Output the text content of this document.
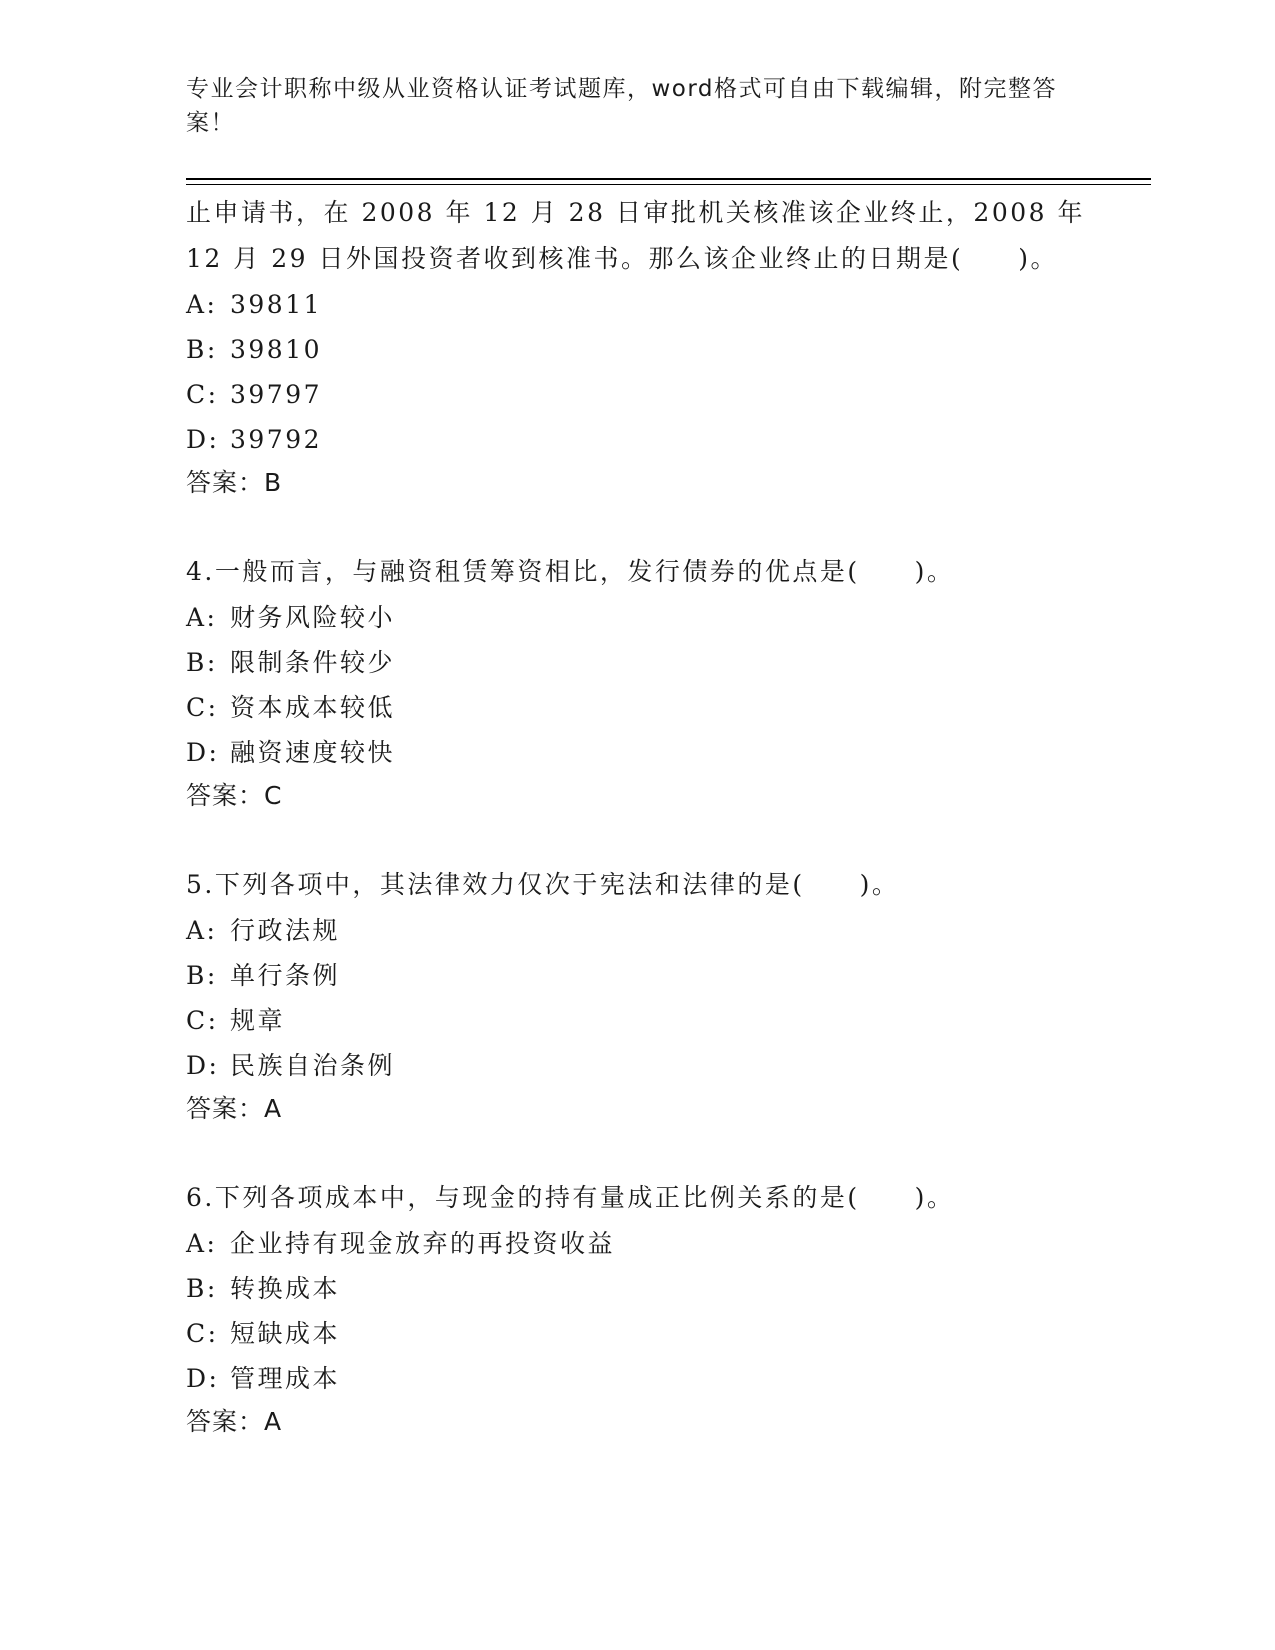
专业会计职称中级从业资格认证考试题库，word格式可自由下载编辑，附完整答案！
止申请书，在 2008 年 12 月 28 日审批机关核准该企业终止，2008 年
12 月 29 日外国投资者收到核准书。那么该企业终止的日期是(　　)。
A: 39811
B: 39810
C: 39797
D: 39792
答案：B
4.一般而言，与融资租赁筹资相比，发行债券的优点是(　　)。
A: 财务风险较小
B: 限制条件较少
C: 资本成本较低
D: 融资速度较快
答案：C
5.下列各项中，其法律效力仅次于宪法和法律的是(　　)。
A: 行政法规
B: 单行条例
C: 规章
D: 民族自治条例
答案：A
6.下列各项成本中，与现金的持有量成正比例关系的是(　　)。
A: 企业持有现金放弃的再投资收益
B: 转换成本
C: 短缺成本
D: 管理成本
答案：A
